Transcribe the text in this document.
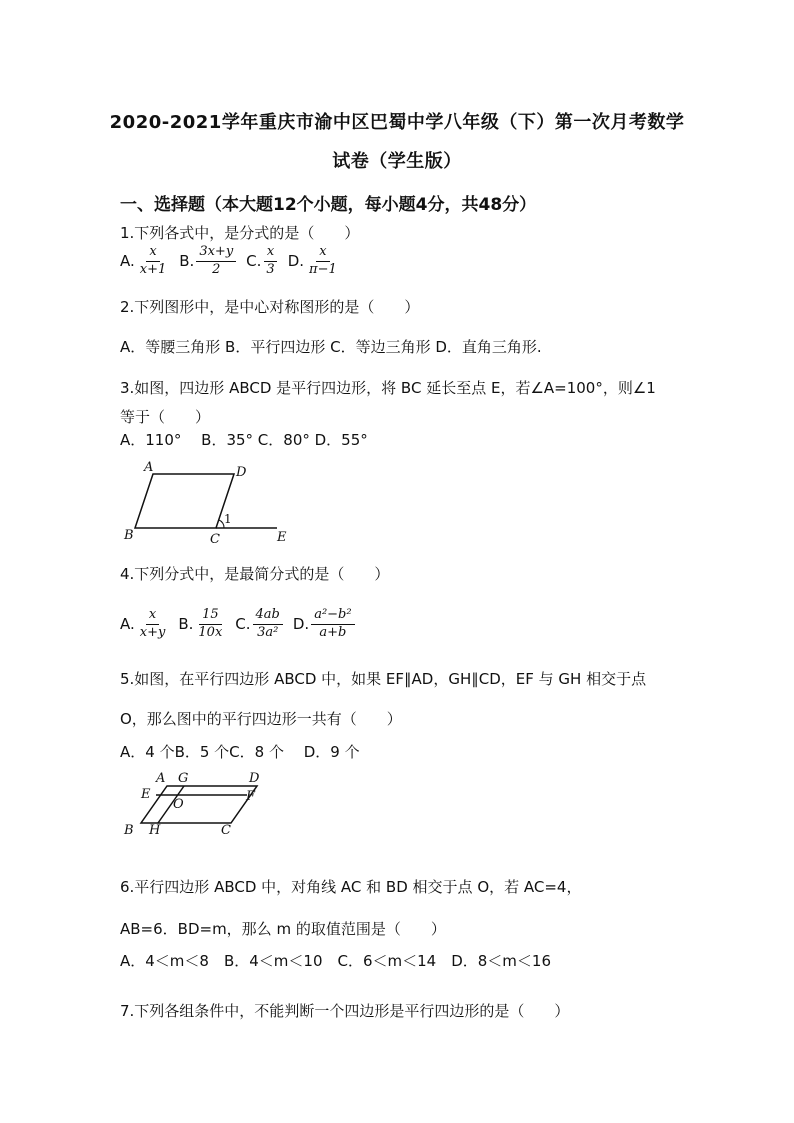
2020-2021学年重庆市渝中区巴蜀中学八年级（下）第一次月考数学
试卷（学生版）
一、选择题（本大题12个小题，每小题4分，共48分）
1.下列各式中，是分式的是（　　）
A. $\frac{x}{x+1} B$. $\frac{3x+y}{2} C$. $\frac{x}{3} D$. $\frac{x}{\pi-1}$
2.下列图形中，是中心对称图形的是（　　）
A．等腰三角形 B．平行四边形 C．等边三角形 D．直角三角形.
3.如图，四边形 ABCD 是平行四边形，将 BC 延长至点 E，若∠A=100°，则∠1
等于（　　）
A．110°　 B．35° C．80° D．55°
A	D
B	C	E
1
4.下列分式中，是最简分式的是（　　）
A. $\frac{x}{x+y} B$. $\frac{15}{10x} C$. $\frac{4ab}{\text{3a²}} D$. $\frac{\text{a²−b²}}{a+b}$
5.如图，在平行四边形 ABCD 中，如果 EF∥AD，GH∥CD，EF 与 GH 相交于点
O，那么图中的平行四边形一共有（　　）
A．4 个B．5 个C．8 个　 D．9 个
A G	D
E
O
F
B H	C
6.平行四边形 ABCD 中，对角线 AC 和 BD 相交于点 O，若 AC=4，
AB=6．BD=m，那么 m 的取值范围是（　　）
A．4＜m＜8　B．4＜m＜10　C．6＜m＜14　D．8＜m＜16
7.下列各组条件中，不能判断一个四边形是平行四边形的是（　　）
